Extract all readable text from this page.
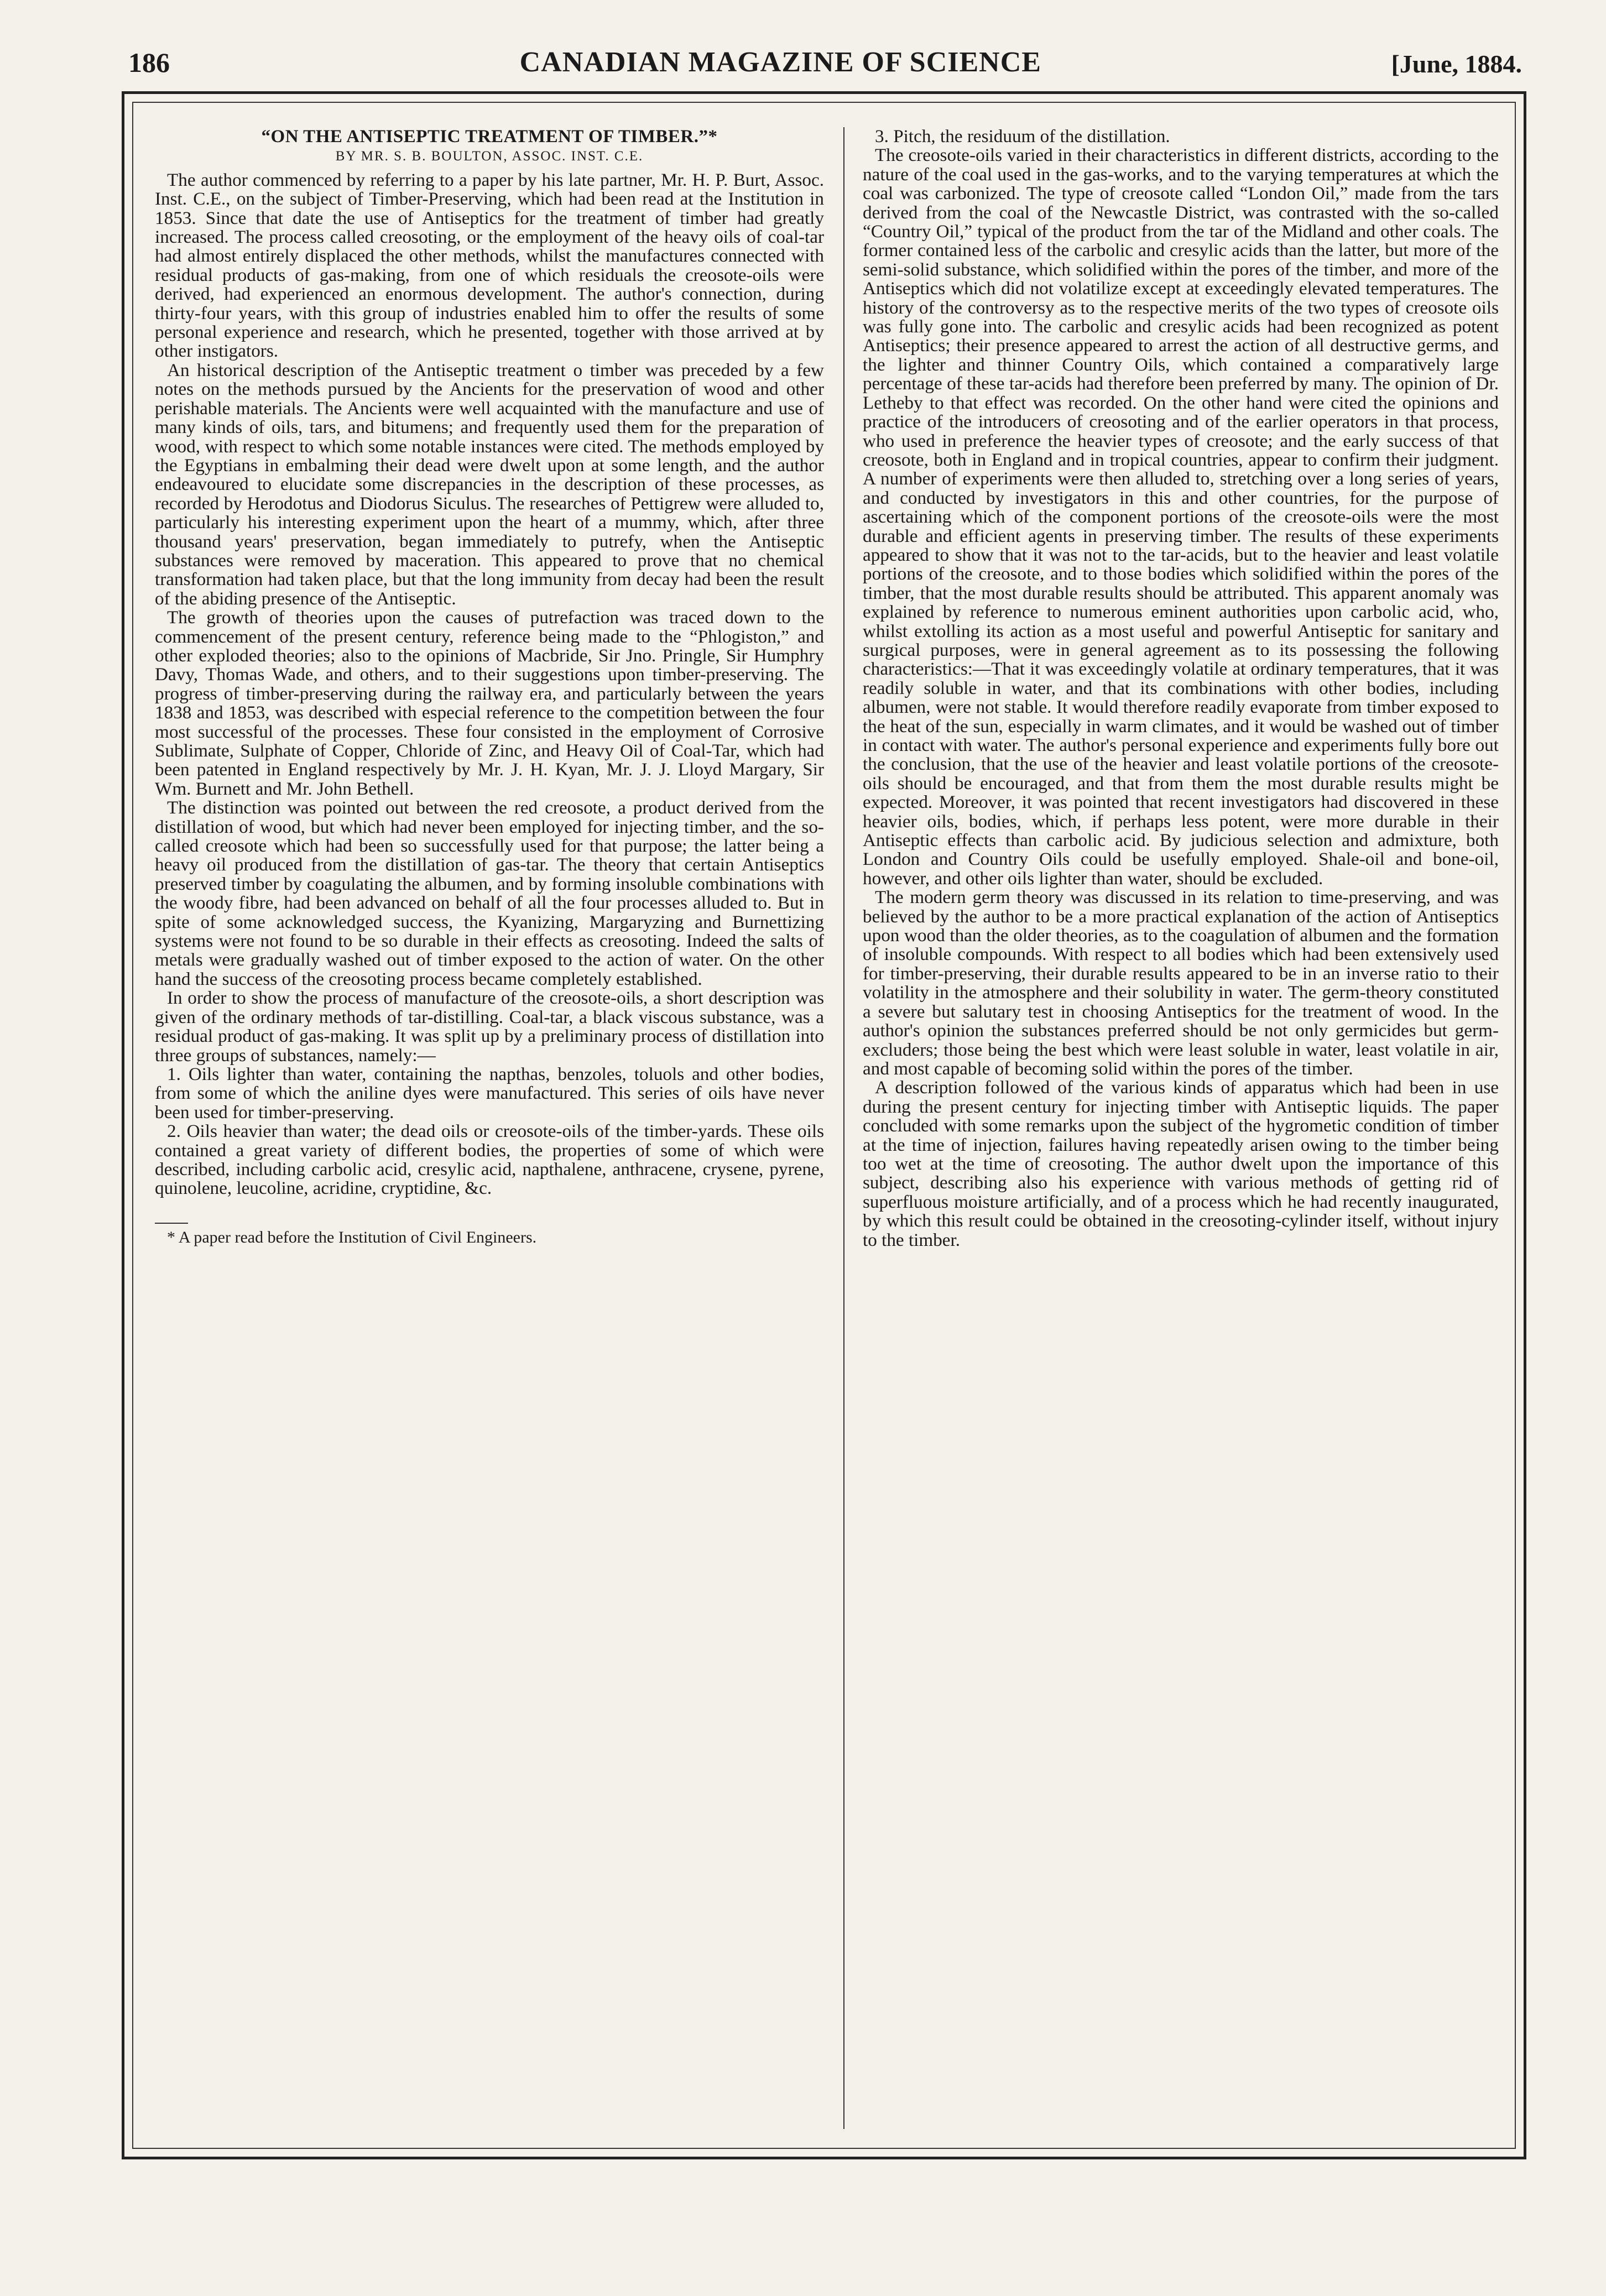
186	CANADIAN MAGAZINE OF SCIENCE	[June, 1884.

“ON THE ANTISEPTIC TREATMENT OF TIMBER.”*

BY MR. S. B. BOULTON, ASSOC. INST. C.E.

The author commenced by referring to a paper by his late partner, Mr. H. P. Burt, Assoc. Inst. C.E., on the subject of Timber-Preserving, which had been read at the Institution in 1853. Since that date the use of Antiseptics for the treatment of timber had greatly increased. The process called creosoting, or the employment of the heavy oils of coal-tar had almost entirely displaced the other methods, whilst the manufactures connected with residual products of gas-making, from one of which residuals the creosote-oils were derived, had experienced an enormous development. The author's connection, during thirty-four years, with this group of industries enabled him to offer the results of some personal experience and research, which he presented, together with those arrived at by other instigators.

An historical description of the Antiseptic treatment o timber was preceded by a few notes on the methods pursued by the Ancients for the preservation of wood and other perishable materials. The Ancients were well acquainted with the manufacture and use of many kinds of oils, tars, and bitumens; and frequently used them for the preparation of wood, with respect to which some notable instances were cited. The methods employed by the Egyptians in embalming their dead were dwelt upon at some length, and the author endeavoured to elucidate some discrepancies in the description of these processes, as recorded by Herodotus and Diodorus Siculus. The researches of Pettigrew were alluded to, particularly his interesting experiment upon the heart of a mummy, which, after three thousand years' preservation, began immediately to putrefy, when the Antiseptic substances were removed by maceration. This appeared to prove that no chemical transformation had taken place, but that the long immunity from decay had been the result of the abiding presence of the Antiseptic.

The growth of theories upon the causes of putrefaction was traced down to the commencement of the present century, reference being made to the “Phlogiston,” and other exploded theories; also to the opinions of Macbride, Sir Jno. Pringle, Sir Humphry Davy, Thomas Wade, and others, and to their suggestions upon timber-preserving. The progress of timber-preserving during the railway era, and particularly between the years 1838 and 1853, was described with especial reference to the competition between the four most successful of the processes. These four consisted in the employment of Corrosive Sublimate, Sulphate of Copper, Chloride of Zinc, and Heavy Oil of Coal-Tar, which had been patented in England respectively by Mr. J. H. Kyan, Mr. J. J. Lloyd Margary, Sir Wm. Burnett and Mr. John Bethell.

The distinction was pointed out between the red creosote, a product derived from the distillation of wood, but which had never been employed for injecting timber, and the so-called creosote which had been so successfully used for that purpose; the latter being a heavy oil produced from the distillation of gas-tar. The theory that certain Antiseptics preserved timber by coagulating the albumen, and by forming insoluble combinations with the woody fibre, had been advanced on behalf of all the four processes alluded to. But in spite of some acknowledged success, the Kyanizing, Margaryzing and Burnettizing systems were not found to be so durable in their effects as creosoting. Indeed the salts of metals were gradually washed out of timber exposed to the action of water. On the other hand the success of the creosoting process became completely established.

In order to show the process of manufacture of the creosote-oils, a short description was given of the ordinary methods of tar-distilling. Coal-tar, a black viscous substance, was a residual product of gas-making. It was split up by a preliminary process of distillation into three groups of substances, namely:—

1. Oils lighter than water, containing the napthas, benzoles, toluols and other bodies, from some of which the aniline dyes were manufactured. This series of oils have never been used for timber-preserving.

2. Oils heavier than water; the dead oils or creosote-oils of the timber-yards. These oils contained a great variety of different bodies, the properties of some of which were described, including carbolic acid, cresylic acid, napthalene, anthracene, crysene, pyrene, quinolene, leucoline, acridine, cryptidine, &c.

* A paper read before the Institution of Civil Engineers.

3. Pitch, the residuum of the distillation.

The creosote-oils varied in their characteristics in different districts, according to the nature of the coal used in the gas-works, and to the varying temperatures at which the coal was carbonized. The type of creosote called “London Oil,” made from the tars derived from the coal of the Newcastle District, was contrasted with the so-called “Country Oil,” typical of the product from the tar of the Midland and other coals. The former contained less of the carbolic and cresylic acids than the latter, but more of the semi-solid substance, which solidified within the pores of the timber, and more of the Antiseptics which did not volatilize except at exceedingly elevated temperatures. The history of the controversy as to the respective merits of the two types of creosote oils was fully gone into. The carbolic and cresylic acids had been recognized as potent Antiseptics; their presence appeared to arrest the action of all destructive germs, and the lighter and thinner Country Oils, which contained a comparatively large percentage of these tar-acids had therefore been preferred by many. The opinion of Dr. Letheby to that effect was recorded. On the other hand were cited the opinions and practice of the introducers of creosoting and of the earlier operators in that process, who used in preference the heavier types of creosote; and the early success of that creosote, both in England and in tropical countries, appear to confirm their judgment. A number of experiments were then alluded to, stretching over a long series of years, and conducted by investigators in this and other countries, for the purpose of ascertaining which of the component portions of the creosote-oils were the most durable and efficient agents in preserving timber. The results of these experiments appeared to show that it was not to the tar-acids, but to the heavier and least volatile portions of the creosote, and to those bodies which solidified within the pores of the timber, that the most durable results should be attributed. This apparent anomaly was explained by reference to numerous eminent authorities upon carbolic acid, who, whilst extolling its action as a most useful and powerful Antiseptic for sanitary and surgical purposes, were in general agreement as to its possessing the following characteristics:—That it was exceedingly volatile at ordinary temperatures, that it was readily soluble in water, and that its combinations with other bodies, including albumen, were not stable. It would therefore readily evaporate from timber exposed to the heat of the sun, especially in warm climates, and it would be washed out of timber in contact with water. The author's personal experience and experiments fully bore out the conclusion, that the use of the heavier and least volatile portions of the creosote-oils should be encouraged, and that from them the most durable results might be expected. Moreover, it was pointed that recent investigators had discovered in these heavier oils, bodies, which, if perhaps less potent, were more durable in their Antiseptic effects than carbolic acid. By judicious selection and admixture, both London and Country Oils could be usefully employed. Shale-oil and bone-oil, however, and other oils lighter than water, should be excluded.

The modern germ theory was discussed in its relation to time-preserving, and was believed by the author to be a more practical explanation of the action of Antiseptics upon wood than the older theories, as to the coagulation of albumen and the formation of insoluble compounds. With respect to all bodies which had been extensively used for timber-preserving, their durable results appeared to be in an inverse ratio to their volatility in the atmosphere and their solubility in water. The germ-theory constituted a severe but salutary test in choosing Antiseptics for the treatment of wood. In the author's opinion the substances preferred should be not only germicides but germ-excluders; those being the best which were least soluble in water, least volatile in air, and most capable of becoming solid within the pores of the timber.

A description followed of the various kinds of apparatus which had been in use during the present century for injecting timber with Antiseptic liquids. The paper concluded with some remarks upon the subject of the hygrometic condition of timber at the time of injection, failures having repeatedly arisen owing to the timber being too wet at the time of creosoting. The author dwelt upon the importance of this subject, describing also his experience with various methods of getting rid of superfluous moisture artificially, and of a process which he had recently inaugurated, by which this result could be obtained in the creosoting-cylinder itself, without injury to the timber.
